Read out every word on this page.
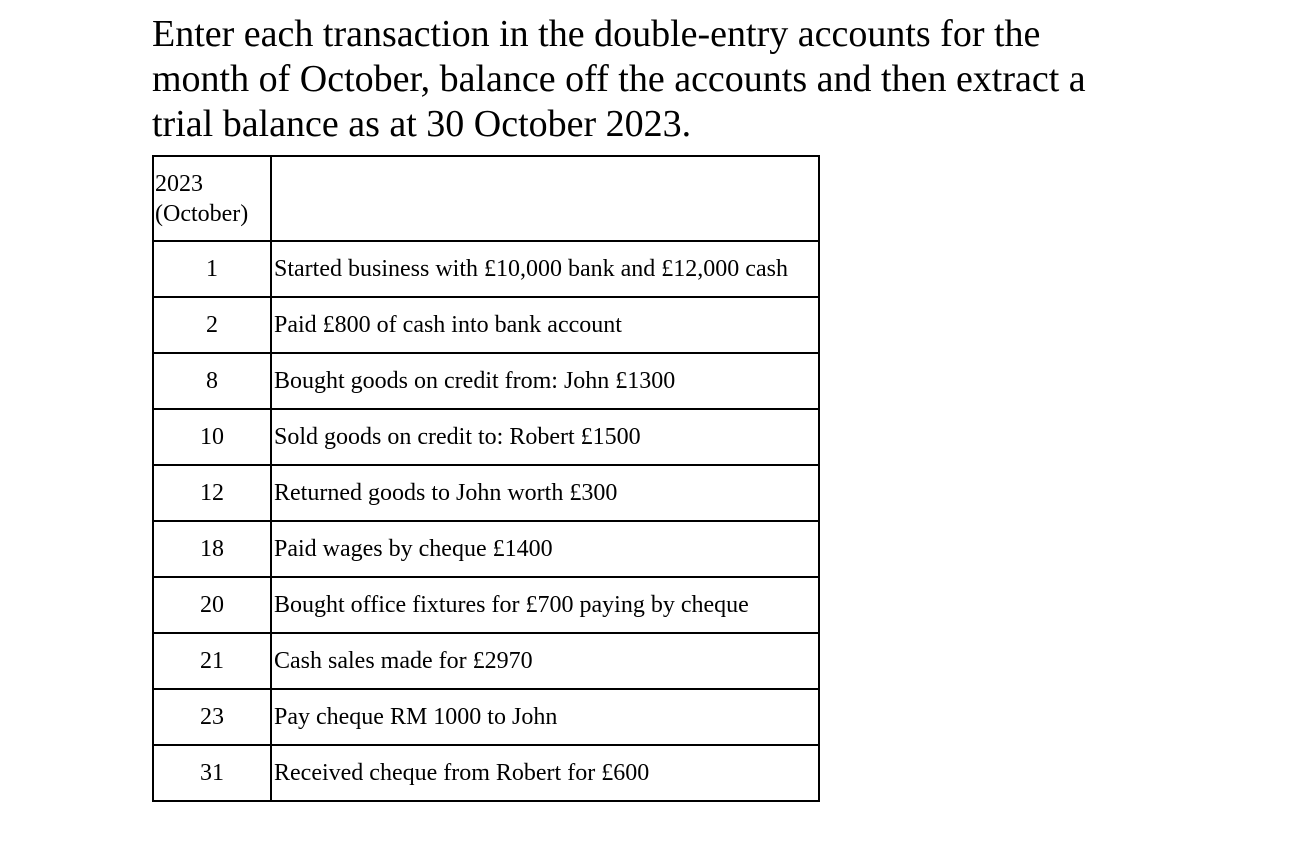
Enter each transaction in the double-entry accounts for the
month of October, balance off the accounts and then extract a
trial balance as at 30 October 2023.

2023
(October)	
1	Started business with £10,000 bank and £12,000 cash
2	Paid £800 of cash into bank account
8	Bought goods on credit from: John £1300
10	Sold goods on credit to: Robert £1500
12	Returned goods to John worth £300
18	Paid wages by cheque £1400
20	Bought office fixtures for £700 paying by cheque
21	Cash sales made for £2970
23	Pay cheque RM 1000 to John
31	Received cheque from Robert for £600
